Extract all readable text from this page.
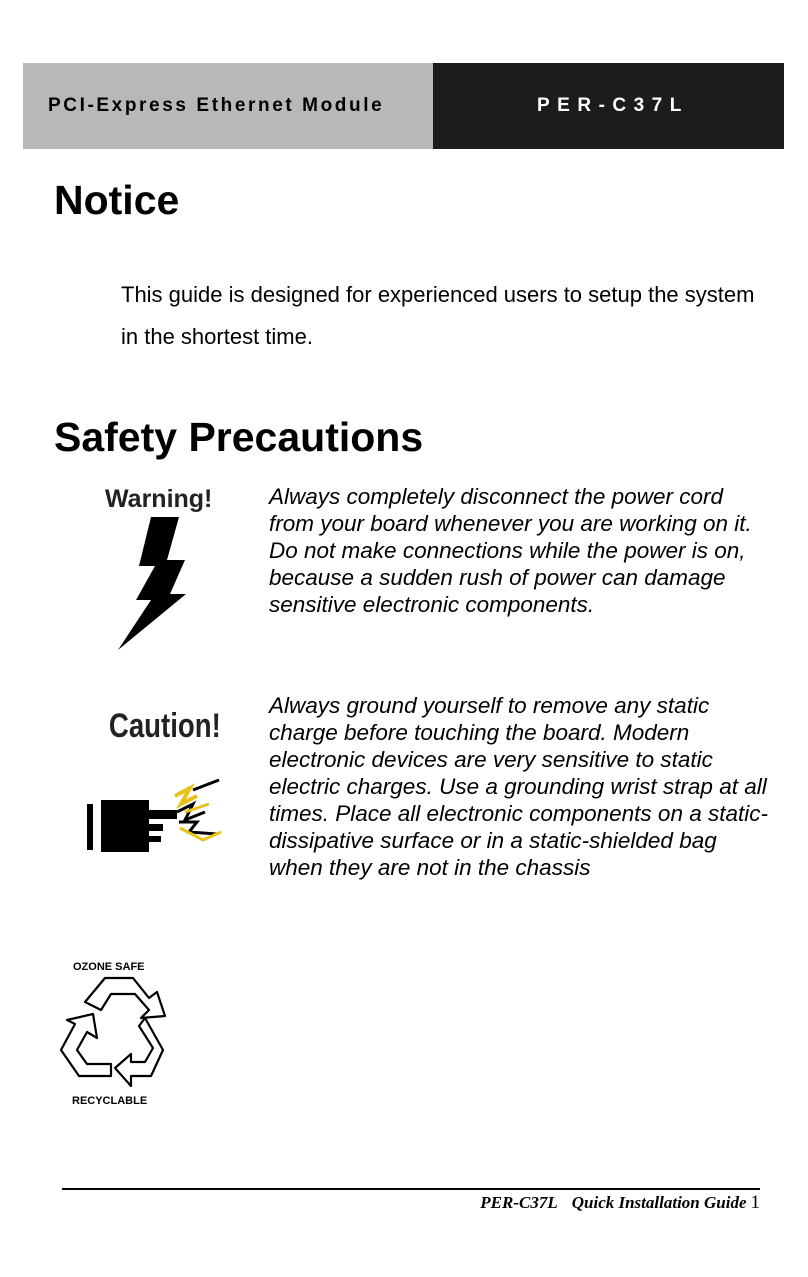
PCI-Express Ethernet Module	PER-C37L
Notice
This guide is designed for experienced users to setup the system in the shortest time.
Safety Precautions
Warning!	Always completely disconnect the power cord from your board whenever you are working on it. Do not make connections while the power is on, because a sudden rush of power can damage sensitive electronic components.
Caution!
Always ground yourself to remove any static charge before touching the board. Modern electronic devices are very sensitive to static electric charges. Use a grounding wrist strap at all times. Place all electronic components on a static-dissipative surface or in a static-shielded bag when they are not in the chassis
OZONE SAFE
RECYCLABLE
PER-C37L Quick Installation Guide 1
